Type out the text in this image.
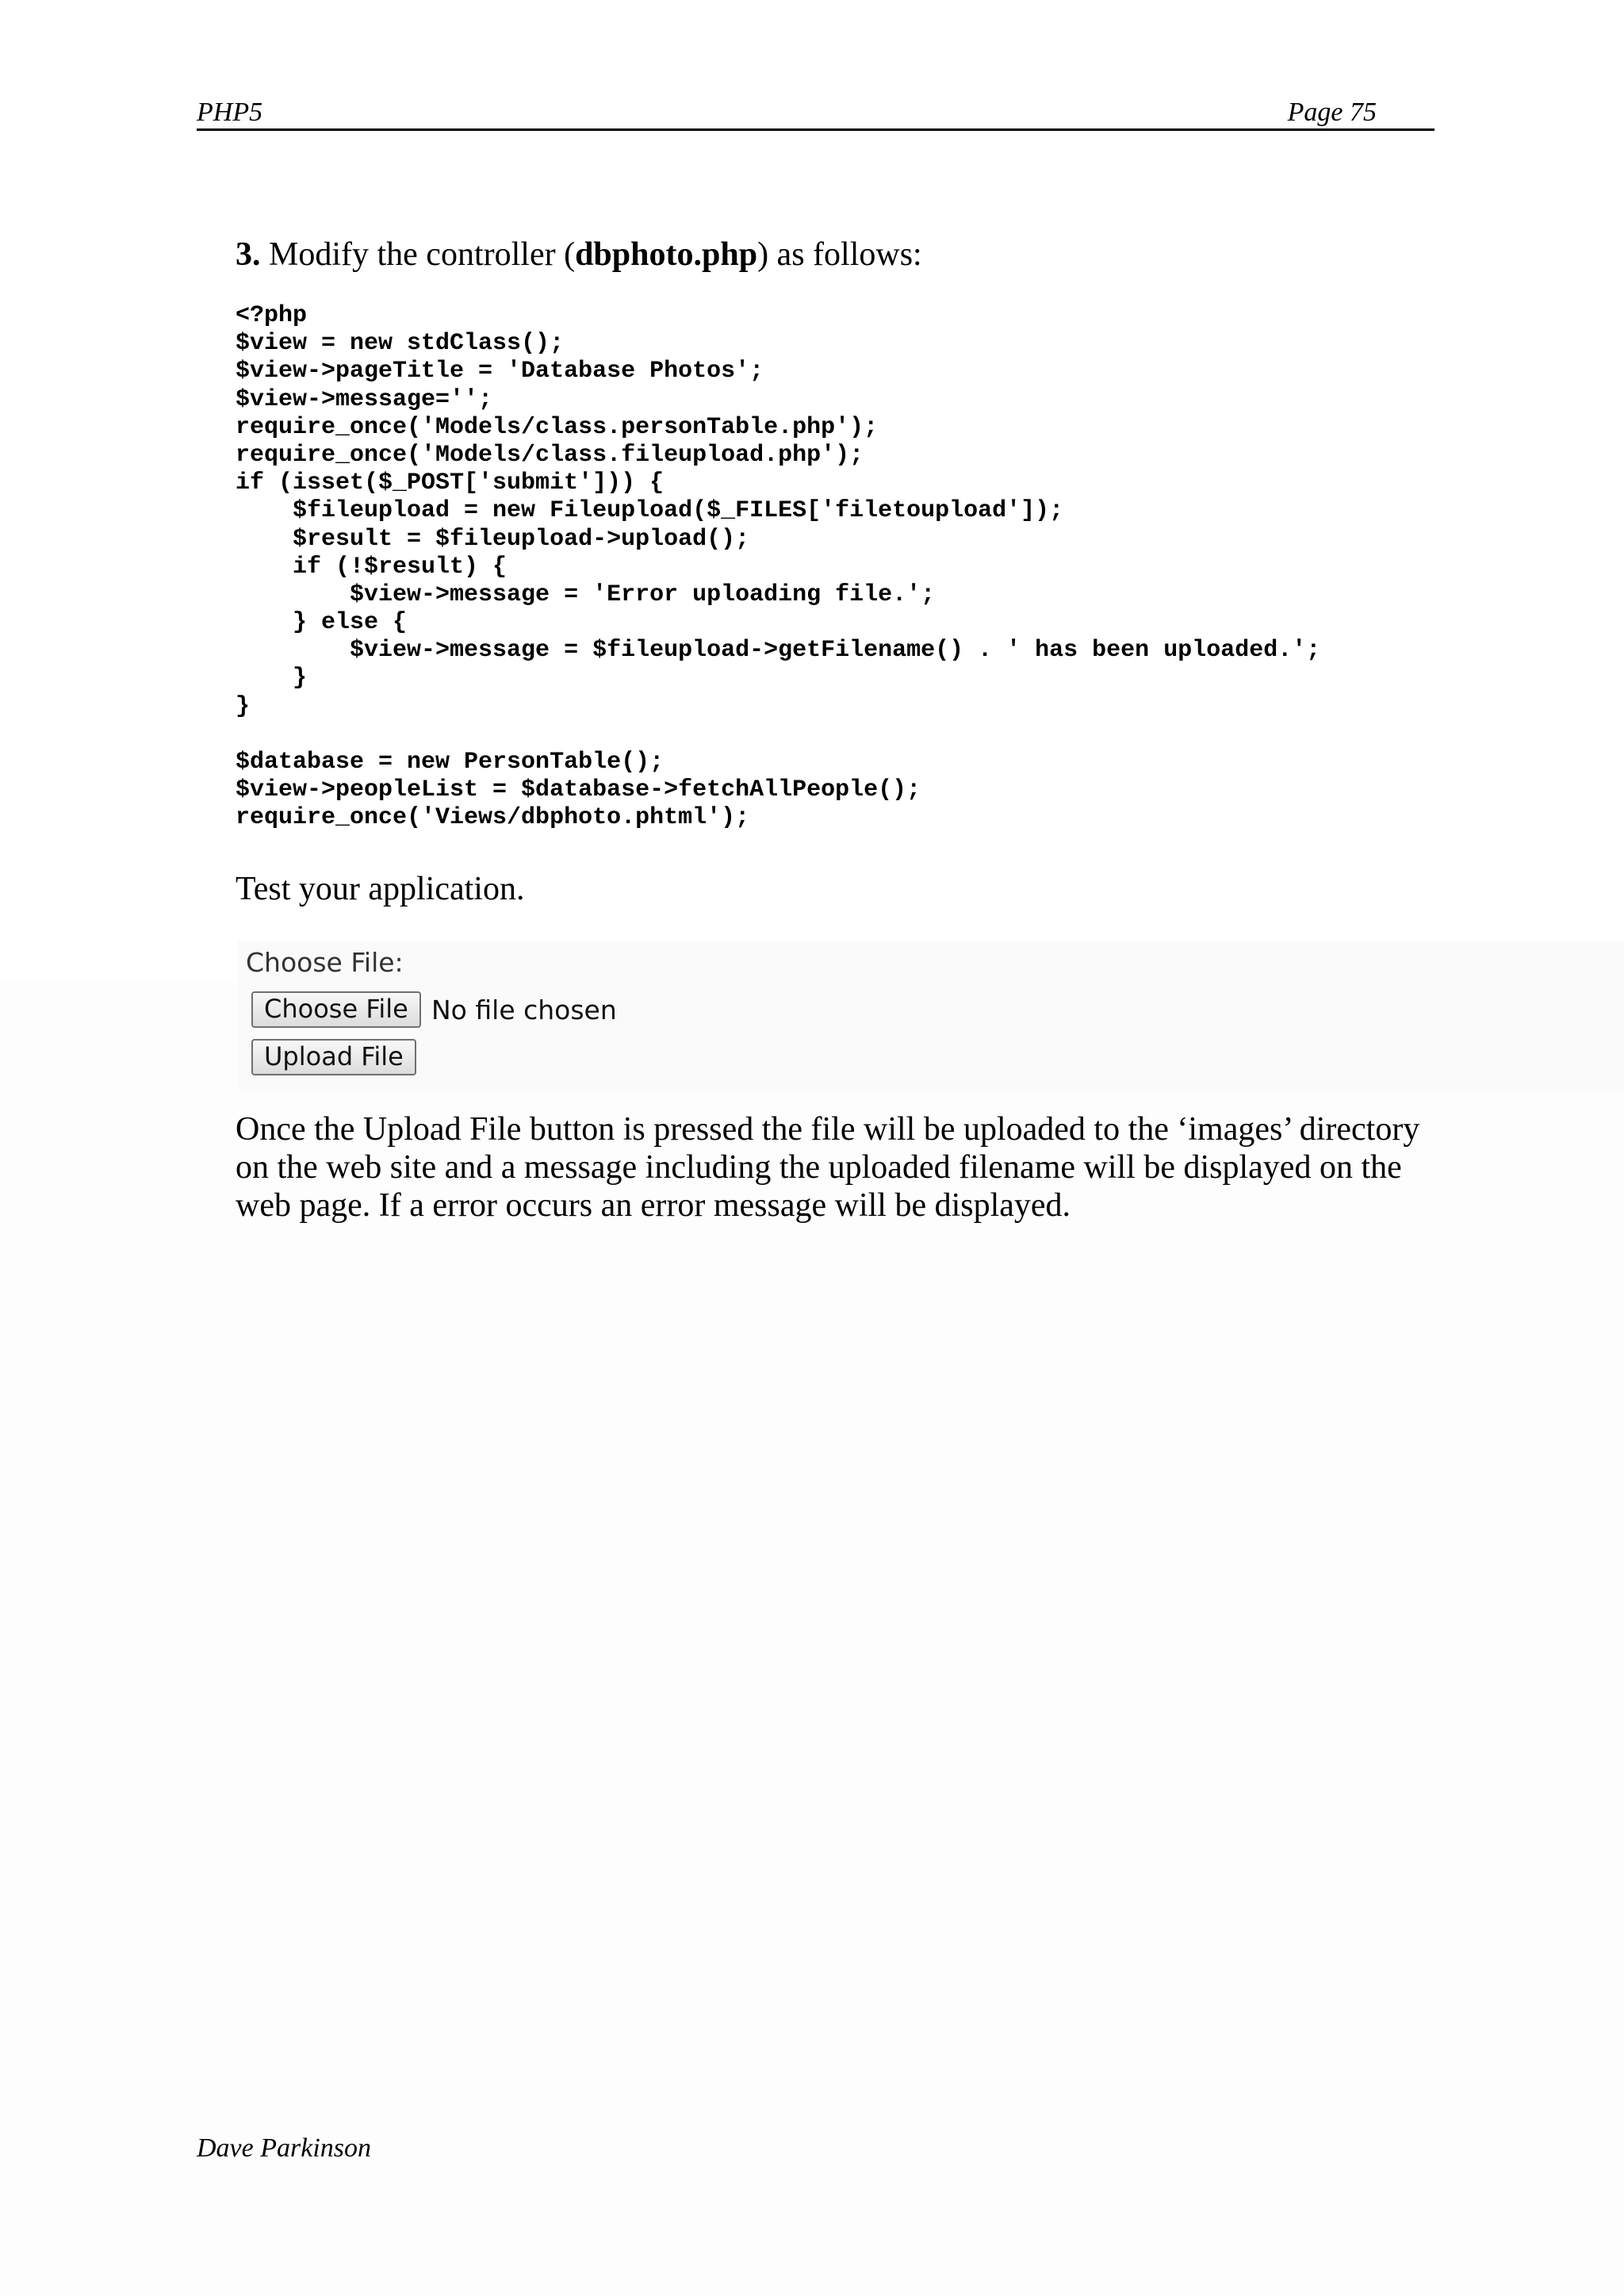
PHP5	Page 75
3. Modify the controller (dbphoto.php) as follows:
<?php
$view = new stdClass();
$view->pageTitle = 'Database Photos';
$view->message='';
require_once('Models/class.personTable.php');
require_once('Models/class.fileupload.php');
if (isset($_POST['submit'])) {
$fileupload = new Fileupload($_FILES['filetoupload']);
$result = $fileupload->upload();
if (!$result) {
$view->message = 'Error uploading file.';
} else {
$view->message = $fileupload->getFilename() . ' has been uploaded.';
}
}
$database = new PersonTable();
$view->peopleList = $database->fetchAllPeople();
require_once('Views/dbphoto.phtml');
Test your application.
Choose File:
Choose File No file chosen
Upload File
Once the Upload File button is pressed the file will be uploaded to the ‘images’ directory on the web site and a message including the uploaded filename will be displayed on the web page. If a error occurs an error message will be displayed.
Dave Parkinson
